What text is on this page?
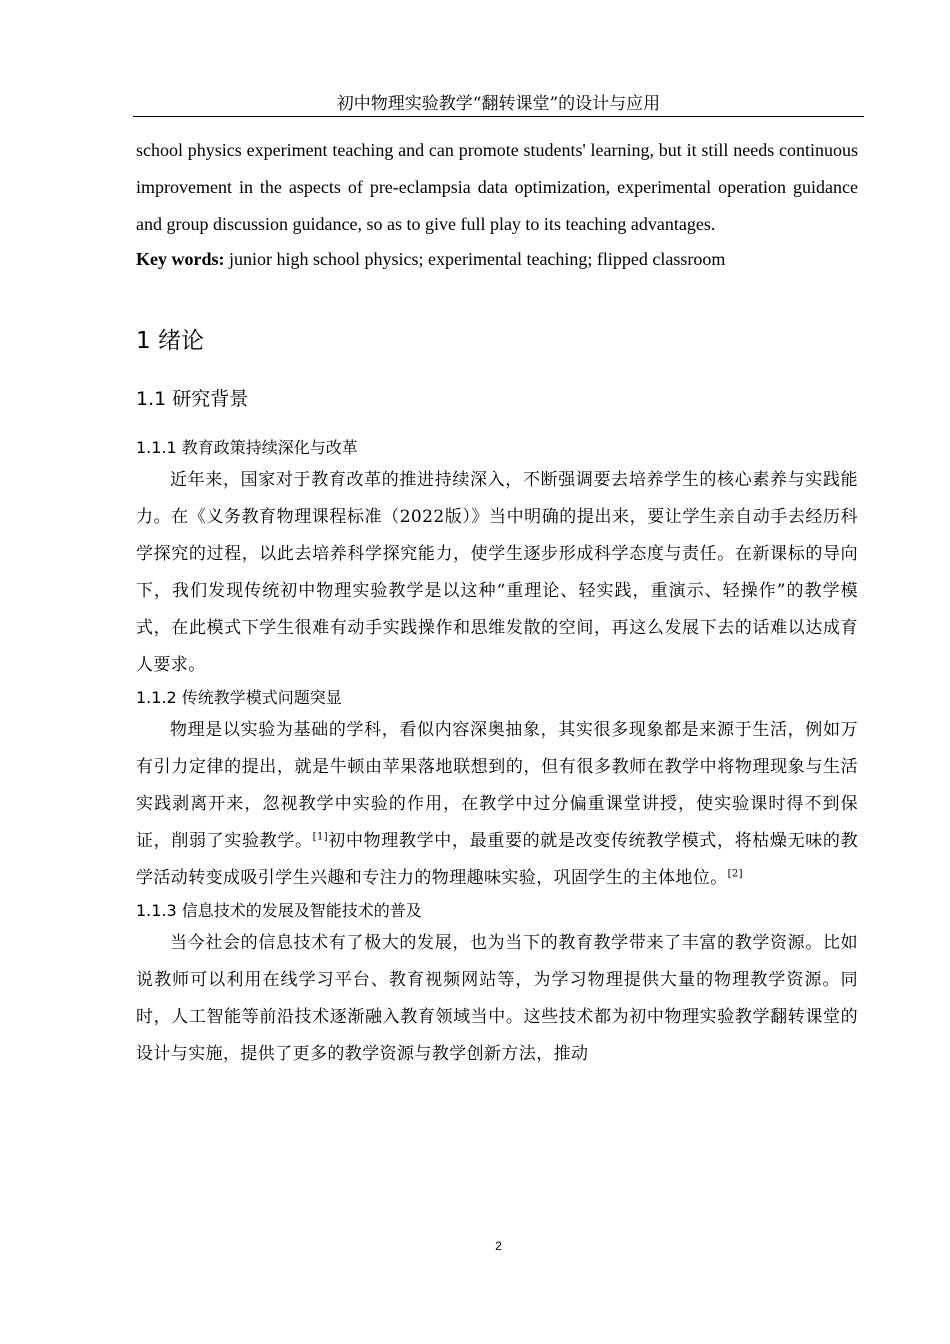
初中物理实验教学“翻转课堂”的设计与应用

school physics experiment teaching and can promote students' learning, but it still needs continuous improvement in the aspects of pre-eclampsia data optimization, experimental operation guidance and group discussion guidance, so as to give full play to its teaching advantages.

Key words: junior high school physics; experimental teaching; flipped classroom

1 绪论
1.1 研究背景
1.1.1 教育政策持续深化与改革

近年来，国家对于教育改革的推进持续深入，不断强调要去培养学生的核心素养与实践能力。在《义务教育物理课程标准（2022版）》当中明确的提出来，要让学生亲自动手去经历科学探究的过程，以此去培养科学探究能力，使学生逐步形成科学态度与责任。在新课标的导向下，我们发现传统初中物理实验教学是以这种“重理论、轻实践，重演示、轻操作”的教学模式，在此模式下学生很难有动手实践操作和思维发散的空间，再这么发展下去的话难以达成育人要求。

1.1.2 传统教学模式问题突显

物理是以实验为基础的学科，看似内容深奥抽象，其实很多现象都是来源于生活，例如万有引力定律的提出，就是牛顿由苹果落地联想到的，但有很多教师在教学中将物理现象与生活实践剥离开来，忽视教学中实验的作用，在教学中过分偏重课堂讲授，使实验课时得不到保证，削弱了实验教学。[1]初中物理教学中，最重要的就是改变传统教学模式，将枯燥无味的教学活动转变成吸引学生兴趣和专注力的物理趣味实验，巩固学生的主体地位。[2]

1.1.3 信息技术的发展及智能技术的普及

当今社会的信息技术有了极大的发展，也为当下的教育教学带来了丰富的教学资源。比如说教师可以利用在线学习平台、教育视频网站等，为学习物理提供大量的物理教学资源。同时，人工智能等前沿技术逐渐融入教育领域当中。这些技术都为初中物理实验教学翻转课堂的设计与实施，提供了更多的教学资源与教学创新方法，推动

2
